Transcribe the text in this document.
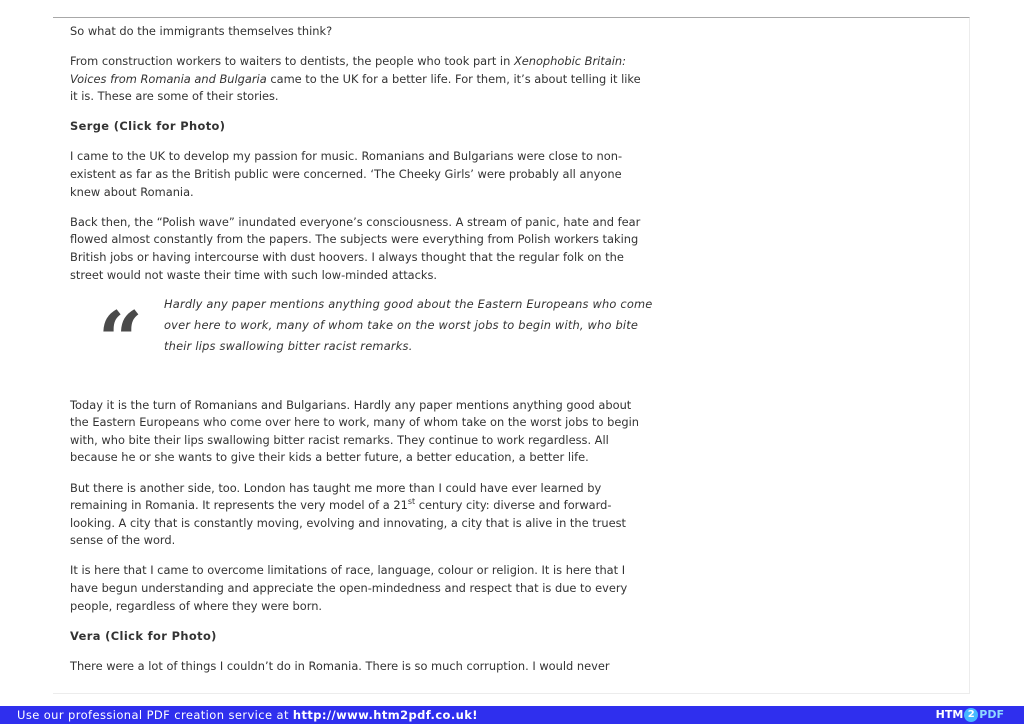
So what do the immigrants themselves think?

From construction workers to waiters to dentists, the people who took part in Xenophobic Britain: Voices from Romania and Bulgaria came to the UK for a better life. For them, it’s about telling it like it is. These are some of their stories.

Serge (Click for Photo)

I came to the UK to develop my passion for music. Romanians and Bulgarians were close to non-existent as far as the British public were concerned. ‘The Cheeky Girls’ were probably all anyone knew about Romania.

Back then, the “Polish wave” inundated everyone’s consciousness. A stream of panic, hate and fear flowed almost constantly from the papers. The subjects were everything from Polish workers taking British jobs or having intercourse with dust hoovers. I always thought that the regular folk on the street would not waste their time with such low-minded attacks.

“ Hardly any paper mentions anything good about the Eastern Europeans who come over here to work, many of whom take on the worst jobs to begin with, who bite their lips swallowing bitter racist remarks.

Today it is the turn of Romanians and Bulgarians. Hardly any paper mentions anything good about the Eastern Europeans who come over here to work, many of whom take on the worst jobs to begin with, who bite their lips swallowing bitter racist remarks. They continue to work regardless. All because he or she wants to give their kids a better future, a better education, a better life.

But there is another side, too. London has taught me more than I could have ever learned by remaining in Romania. It represents the very model of a 21st century city: diverse and forward-looking. A city that is constantly moving, evolving and innovating, a city that is alive in the truest sense of the word.

It is here that I came to overcome limitations of race, language, colour or religion. It is here that I have begun understanding and appreciate the open-mindedness and respect that is due to every people, regardless of where they were born.

Vera (Click for Photo)

There were a lot of things I couldn’t do in Romania. There is so much corruption. I would never

Use our professional PDF creation service at http://www.htm2pdf.co.uk!	HTM 2 PDF
